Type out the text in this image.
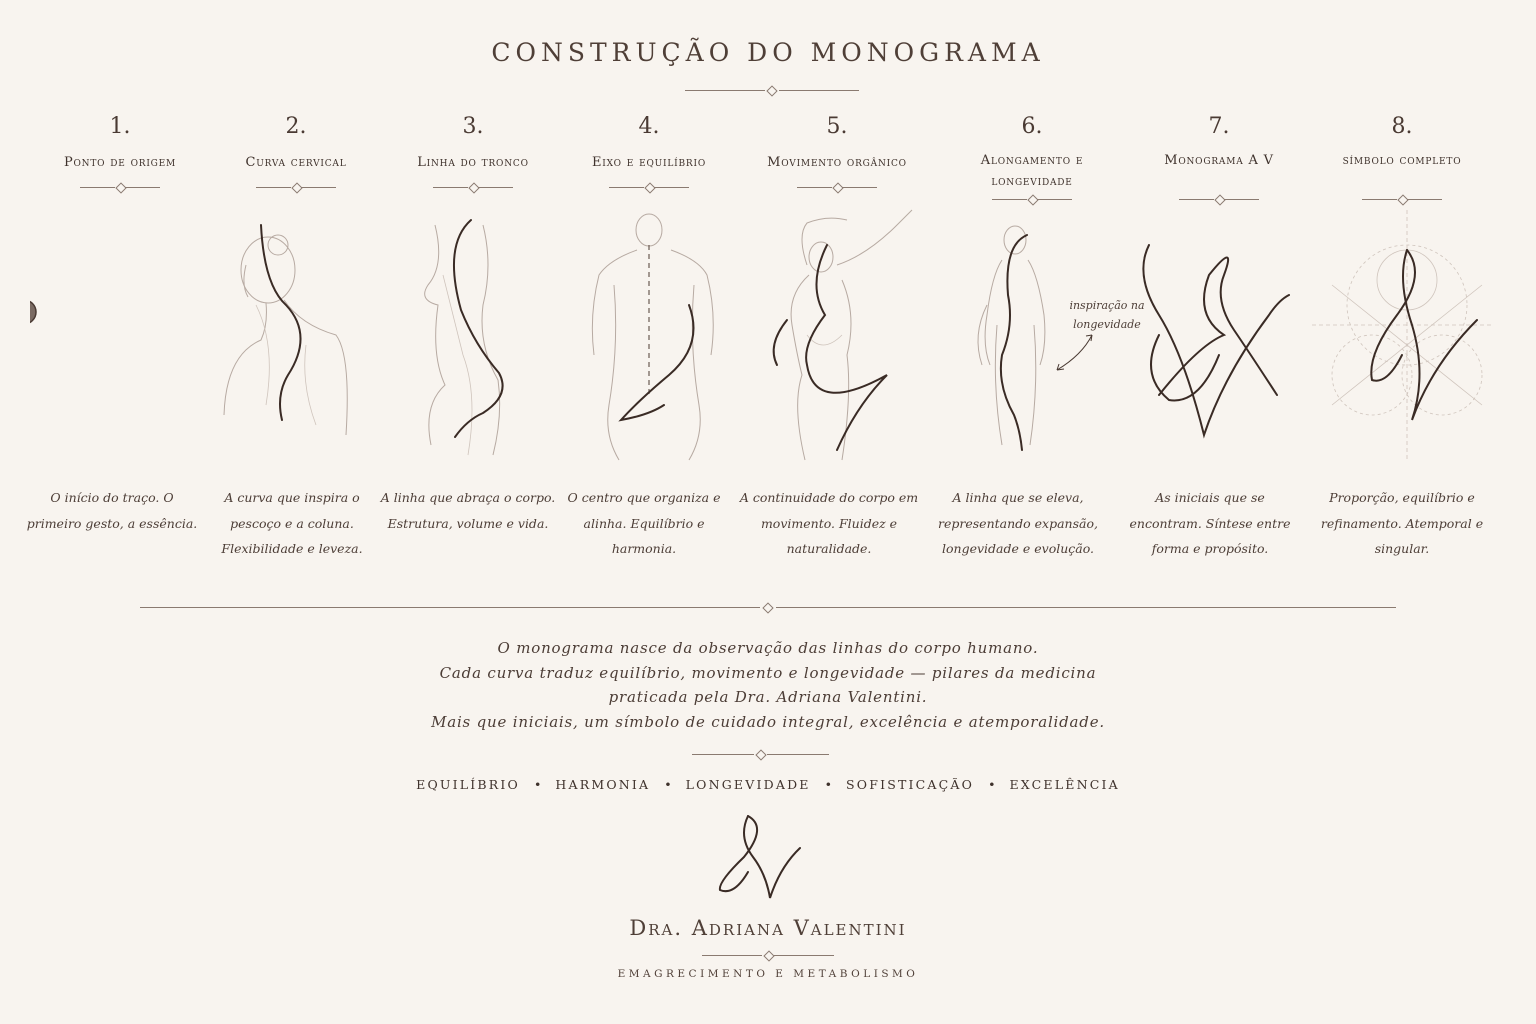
CONSTRUÇÃO DO MONOGRAMA
1.
Ponto de origem
O início do traço. O primeiro gesto, a essência.
2.
Curva cervical
A curva que inspira o pescoço e a coluna. Flexibilidade e leveza.
3.
Linha do tronco
A linha que abraça o corpo. Estrutura, volume e vida.
4.
Eixo e equilíbrio
O centro que organiza e alinha. Equilíbrio e harmonia.
5.
Movimento orgânico
A continuidade do corpo em movimento. Fluidez e naturalidade.
6.
Alongamento e longevidade
inspiração na longevidade
A linha que se eleva, representando expansão, longevidade e evolução.
7.
Monograma A V
As iniciais que se encontram. Síntese entre forma e propósito.
8.
símbolo completo
Proporção, equilíbrio e refinamento. Atemporal e singular.
O monograma nasce da observação das linhas do corpo humano.
Cada curva traduz equilíbrio, movimento e longevidade — pilares da medicina
praticada pela Dra. Adriana Valentini.
Mais que iniciais, um símbolo de cuidado integral, excelência e atemporalidade.
EQUILÍBRIO • HARMONIA • LONGEVIDADE • SOFISTICAÇÃO • EXCELÊNCIA
Dra. Adriana Valentini
EMAGRECIMENTO E METABOLISMO
